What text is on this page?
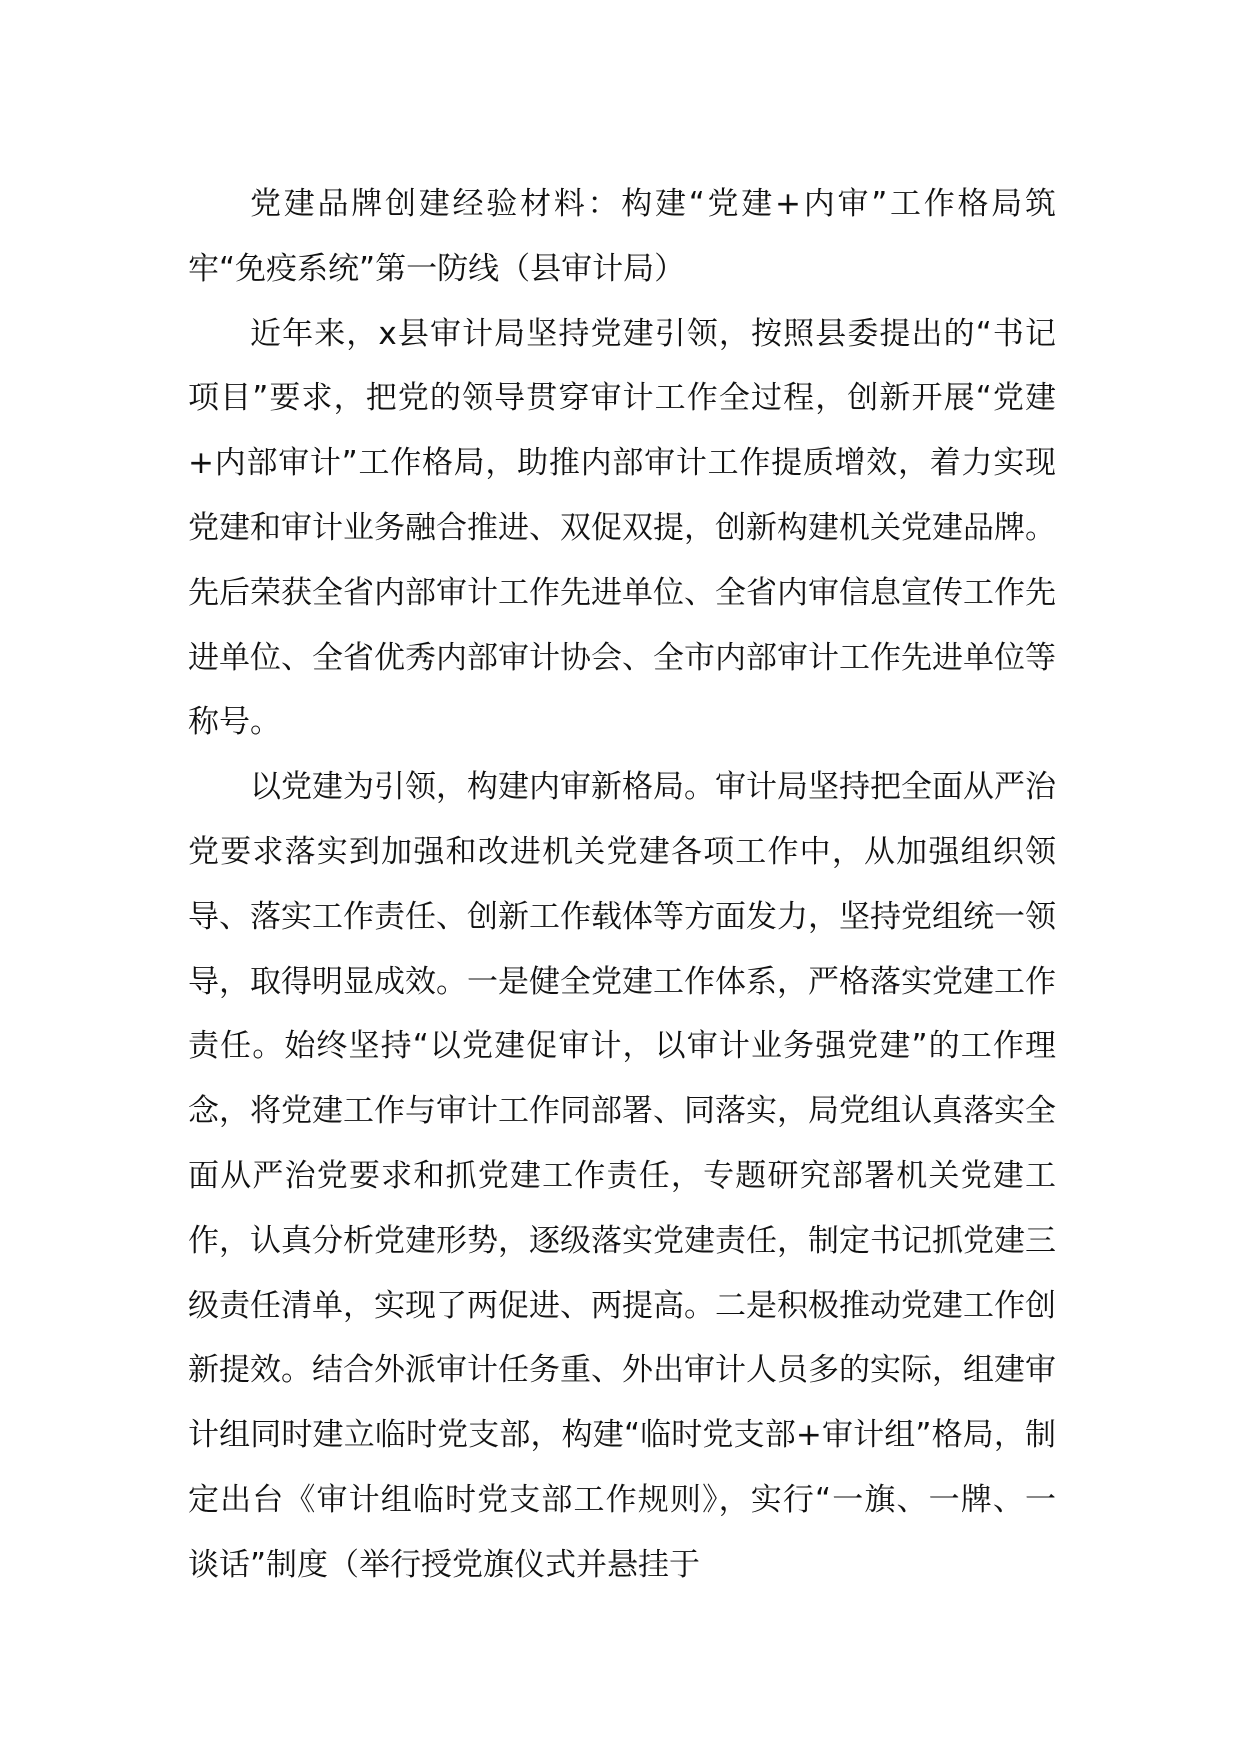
党建品牌创建经验材料：构建“党建+内审”工作格局筑牢“免疫系统”第一防线（县审计局）

近年来，x县审计局坚持党建引领，按照县委提出的“书记项目”要求，把党的领导贯穿审计工作全过程，创新开展“党建+内部审计”工作格局，助推内部审计工作提质增效，着力实现党建和审计业务融合推进、双促双提，创新构建机关党建品牌。先后荣获全省内部审计工作先进单位、全省内审信息宣传工作先进单位、全省优秀内部审计协会、全市内部审计工作先进单位等称号。

以党建为引领，构建内审新格局。审计局坚持把全面从严治党要求落实到加强和改进机关党建各项工作中，从加强组织领导、落实工作责任、创新工作载体等方面发力，坚持党组统一领导，取得明显成效。一是健全党建工作体系，严格落实党建工作责任。始终坚持“以党建促审计，以审计业务强党建”的工作理念，将党建工作与审计工作同部署、同落实，局党组认真落实全面从严治党要求和抓党建工作责任，专题研究部署机关党建工作，认真分析党建形势，逐级落实党建责任，制定书记抓党建三级责任清单，实现了两促进、两提高。二是积极推动党建工作创新提效。结合外派审计任务重、外出审计人员多的实际，组建审计组同时建立临时党支部，构建“临时党支部+审计组”格局，制定出台《审计组临时党支部工作规则》，实行“一旗、一牌、一谈话”制度（举行授党旗仪式并悬挂于
